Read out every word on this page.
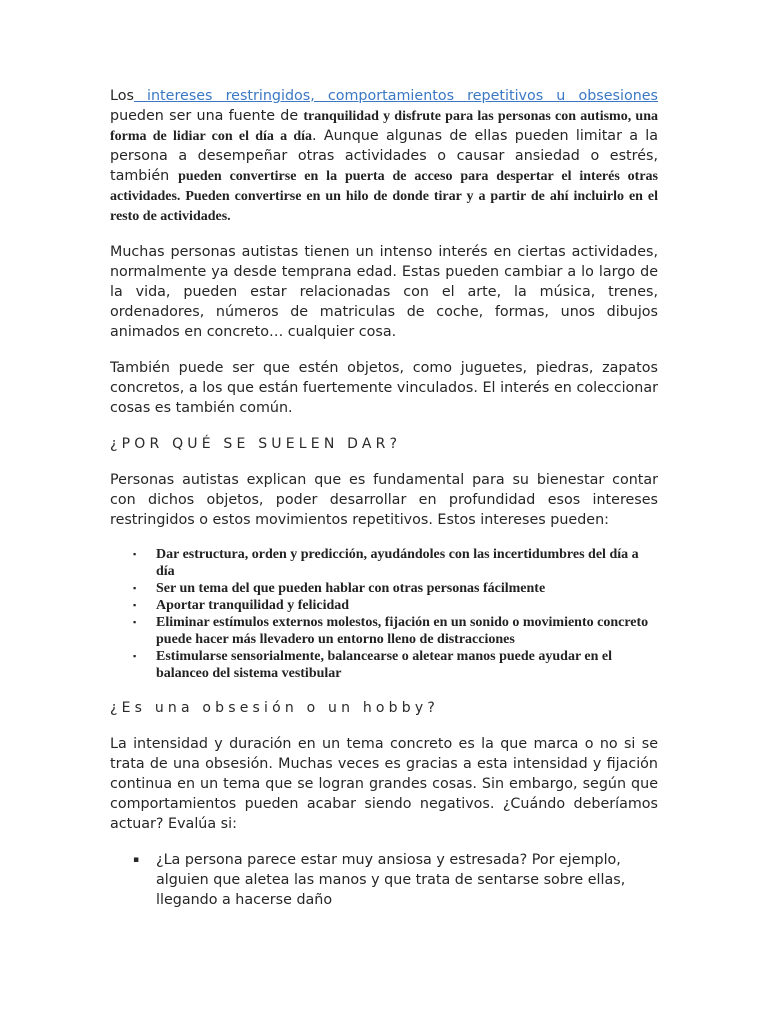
Los intereses restringidos, comportamientos repetitivos u obsesiones pueden ser una fuente de tranquilidad y disfrute para las personas con autismo, una forma de lidiar con el día a día. Aunque algunas de ellas pueden limitar a la persona a desempeñar otras actividades o causar ansiedad o estrés, también pueden convertirse en la puerta de acceso para despertar el interés otras actividades. Pueden convertirse en un hilo de donde tirar y a partir de ahí incluirlo en el resto de actividades.

Muchas personas autistas tienen un intenso interés en ciertas actividades, normalmente ya desde temprana edad. Estas pueden cambiar a lo largo de la vida, pueden estar relacionadas con el arte, la música, trenes, ordenadores, números de matriculas de coche, formas, unos dibujos animados en concreto… cualquier cosa.

También puede ser que estén objetos, como juguetes, piedras, zapatos concretos, a los que están fuertemente vinculados. El interés en coleccionar cosas es también común.

¿POR QUÉ SE SUELEN DAR?

Personas autistas explican que es fundamental para su bienestar contar con dichos objetos, poder desarrollar en profundidad esos intereses restringidos o estos movimientos repetitivos. Estos intereses pueden:

▪ Dar estructura, orden y predicción, ayudándoles con las incertidumbres del día a día
▪ Ser un tema del que pueden hablar con otras personas fácilmente
▪ Aportar tranquilidad y felicidad
▪ Eliminar estímulos externos molestos, fijación en un sonido o movimiento concreto puede hacer más llevadero un entorno lleno de distracciones
▪ Estimularse sensorialmente, balancearse o aletear manos puede ayudar en el balanceo del sistema vestibular
¿Es una obsesión o un hobby?

La intensidad y duración en un tema concreto es la que marca o no si se trata de una obsesión. Muchas veces es gracias a esta intensidad y fijación continua en un tema que se logran grandes cosas. Sin embargo, según que comportamientos pueden acabar siendo negativos. ¿Cuándo deberíamos actuar? Evalúa si:

▪ ¿La persona parece estar muy ansiosa y estresada? Por ejemplo, alguien que aletea las manos y que trata de sentarse sobre ellas, llegando a hacerse daño
